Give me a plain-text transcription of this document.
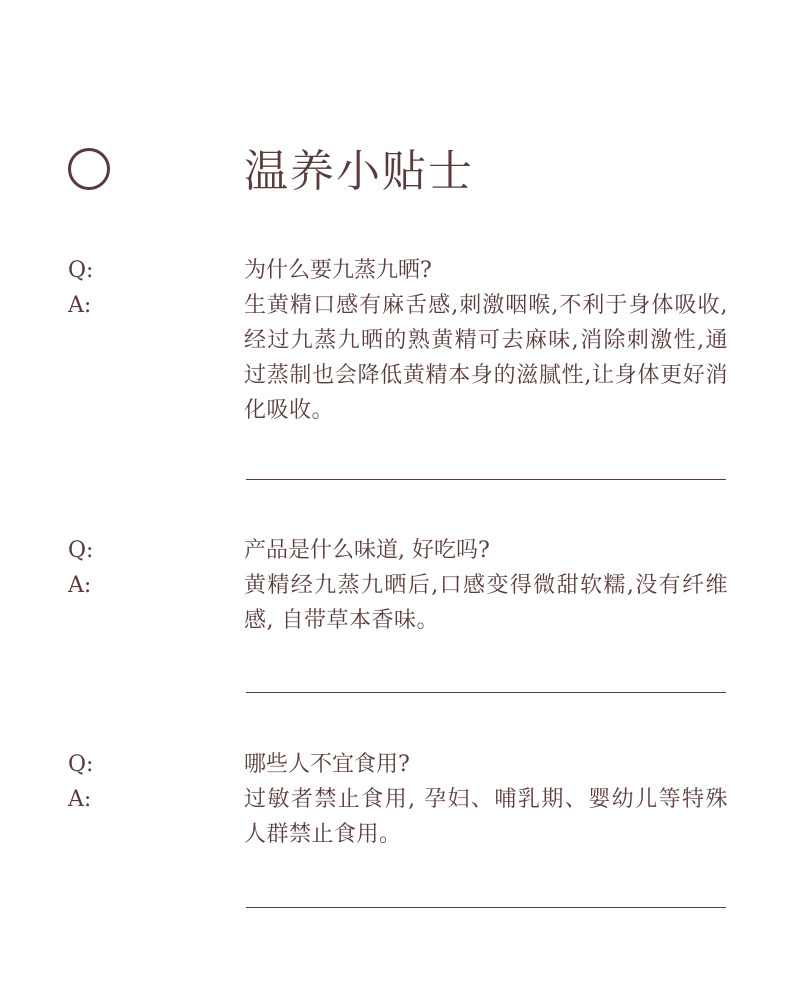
温养小贴士
Q:	为什么要九蒸九晒?
A:	生黄精口感有麻舌感,刺激咽喉,不利于身体吸收,经过九蒸九晒的熟黄精可去麻味,消除刺激性,通过蒸制也会降低黄精本身的滋腻性,让身体更好消化吸收。
Q:	产品是什么味道, 好吃吗?
A:	黄精经九蒸九晒后,口感变得微甜软糯,没有纤维感, 自带草本香味。
Q:	哪些人不宜食用?
A:	过敏者禁止食用, 孕妇、哺乳期、婴幼儿等特殊人群禁止食用。
